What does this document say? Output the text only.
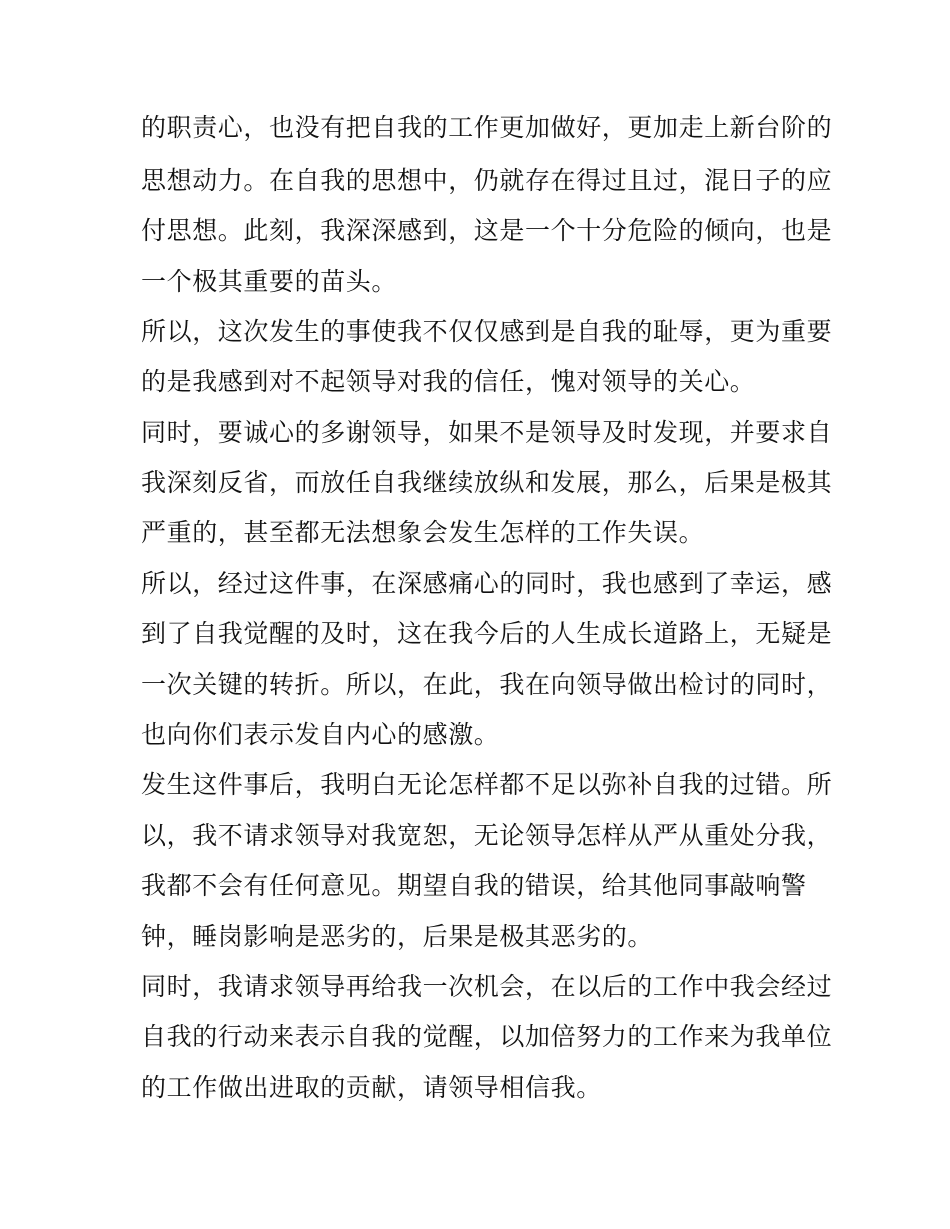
的职责心，也没有把自我的工作更加做好，更加走上新台阶的
思想动力。在自我的思想中，仍就存在得过且过，混日子的应
付思想。此刻，我深深感到，这是一个十分危险的倾向，也是
一个极其重要的苗头。
所以，这次发生的事使我不仅仅感到是自我的耻辱，更为重要
的是我感到对不起领导对我的信任，愧对领导的关心。
同时，要诚心的多谢领导，如果不是领导及时发现，并要求自
我深刻反省，而放任自我继续放纵和发展，那么，后果是极其
严重的，甚至都无法想象会发生怎样的工作失误。
所以，经过这件事，在深感痛心的同时，我也感到了幸运，感
到了自我觉醒的及时，这在我今后的人生成长道路上，无疑是
一次关键的转折。所以，在此，我在向领导做出检讨的同时，
也向你们表示发自内心的感激。
发生这件事后，我明白无论怎样都不足以弥补自我的过错。所
以，我不请求领导对我宽恕，无论领导怎样从严从重处分我，
我都不会有任何意见。期望自我的错误，给其他同事敲响警
钟，睡岗影响是恶劣的，后果是极其恶劣的。
同时，我请求领导再给我一次机会，在以后的工作中我会经过
自我的行动来表示自我的觉醒，以加倍努力的工作来为我单位
的工作做出进取的贡献，请领导相信我。
